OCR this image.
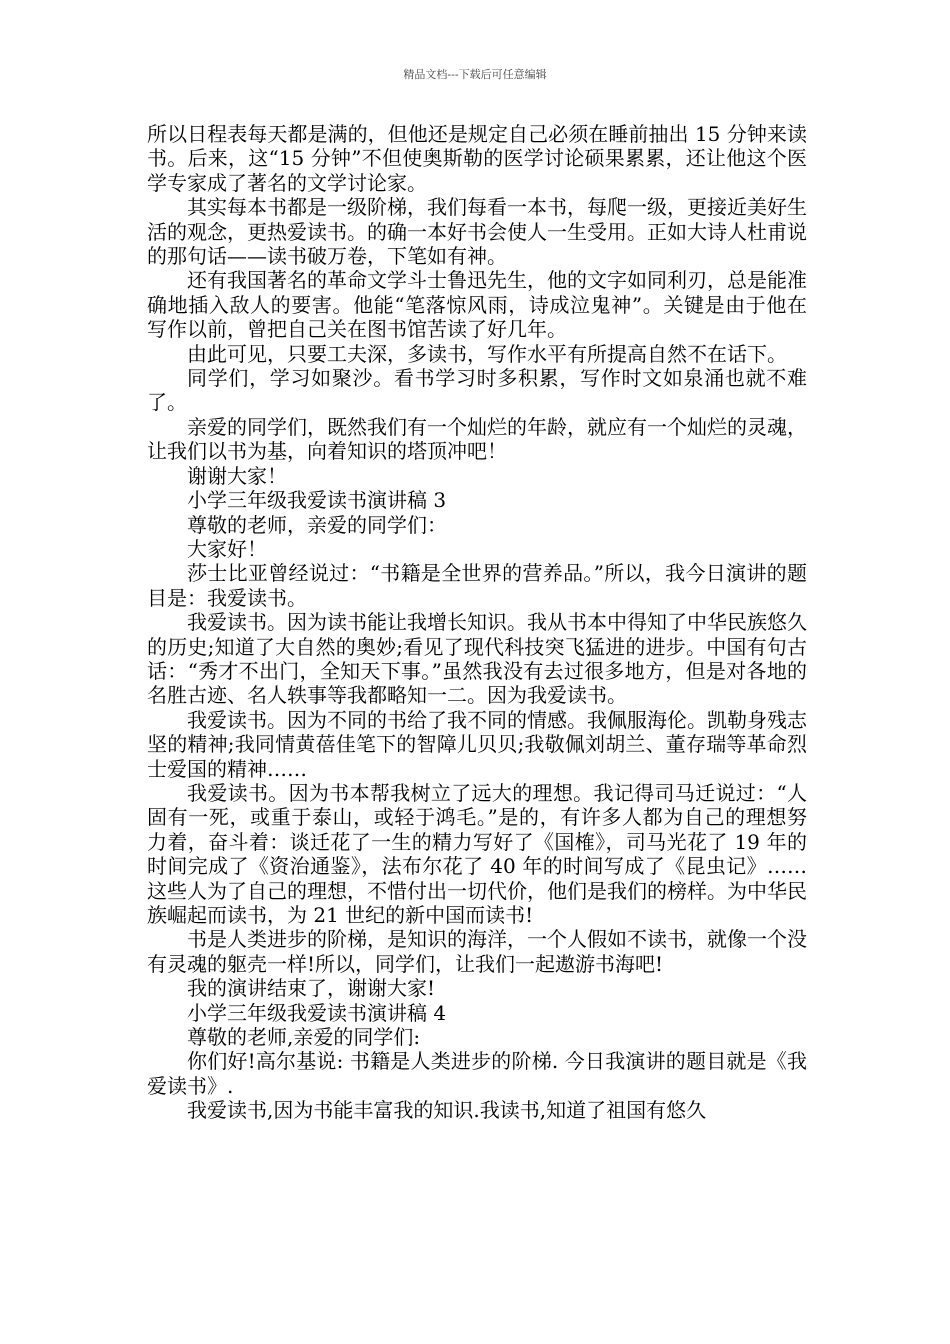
精品文档---下载后可任意编辑

所以日程表每天都是满的，但他还是规定自己必须在睡前抽出 15 分钟来读书。后来，这“15 分钟”不但使奥斯勒的医学讨论硕果累累，还让他这个医学专家成了著名的文学讨论家。

其实每本书都是一级阶梯，我们每看一本书，每爬一级，更接近美好生活的观念，更热爱读书。的确一本好书会使人一生受用。正如大诗人杜甫说的那句话——读书破万卷，下笔如有神。

还有我国著名的革命文学斗士鲁迅先生，他的文字如同利刃，总是能准确地插入敌人的要害。他能“笔落惊风雨，诗成泣鬼神”。关键是由于他在写作以前，曾把自己关在图书馆苦读了好几年。

由此可见，只要工夫深，多读书，写作水平有所提高自然不在话下。

同学们，学习如聚沙。看书学习时多积累，写作时文如泉涌也就不难了。

亲爱的同学们，既然我们有一个灿烂的年龄，就应有一个灿烂的灵魂，让我们以书为基，向着知识的塔顶冲吧！

谢谢大家！

小学三年级我爱读书演讲稿 3

尊敬的老师，亲爱的同学们：

大家好！

莎士比亚曾经说过：“书籍是全世界的营养品。”所以，我今日演讲的题目是：我爱读书。

我爱读书。因为读书能让我增长知识。我从书本中得知了中华民族悠久的历史;知道了大自然的奥妙;看见了现代科技突飞猛进的进步。中国有句古话：“秀才不出门，全知天下事。”虽然我没有去过很多地方，但是对各地的名胜古迹、名人轶事等我都略知一二。因为我爱读书。

我爱读书。因为不同的书给了我不同的情感。我佩服海伦。凯勒身残志坚的精神;我同情黄蓓佳笔下的智障儿贝贝;我敬佩刘胡兰、董存瑞等革命烈士爱国的精神……

我爱读书。因为书本帮我树立了远大的理想。我记得司马迁说过：“人固有一死，或重于泰山，或轻于鸿毛。”是的，有许多人都为自己的理想努力着，奋斗着：谈迁花了一生的精力写好了《国榷》，司马光花了 19 年的时间完成了《资治通鉴》，法布尔花了 40 年的时间写成了《昆虫记》……这些人为了自己的理想，不惜付出一切代价，他们是我们的榜样。为中华民族崛起而读书，为 21 世纪的新中国而读书!

书是人类进步的阶梯，是知识的海洋，一个人假如不读书，就像一个没有灵魂的躯壳一样!所以，同学们，让我们一起遨游书海吧!

我的演讲结束了，谢谢大家!

小学三年级我爱读书演讲稿 4

尊敬的老师,亲爱的同学们:

你们好!高尔基说: 书籍是人类进步的阶梯. 今日我演讲的题目就是《我爱读书》.

我爱读书,因为书能丰富我的知识.我读书,知道了祖国有悠久
